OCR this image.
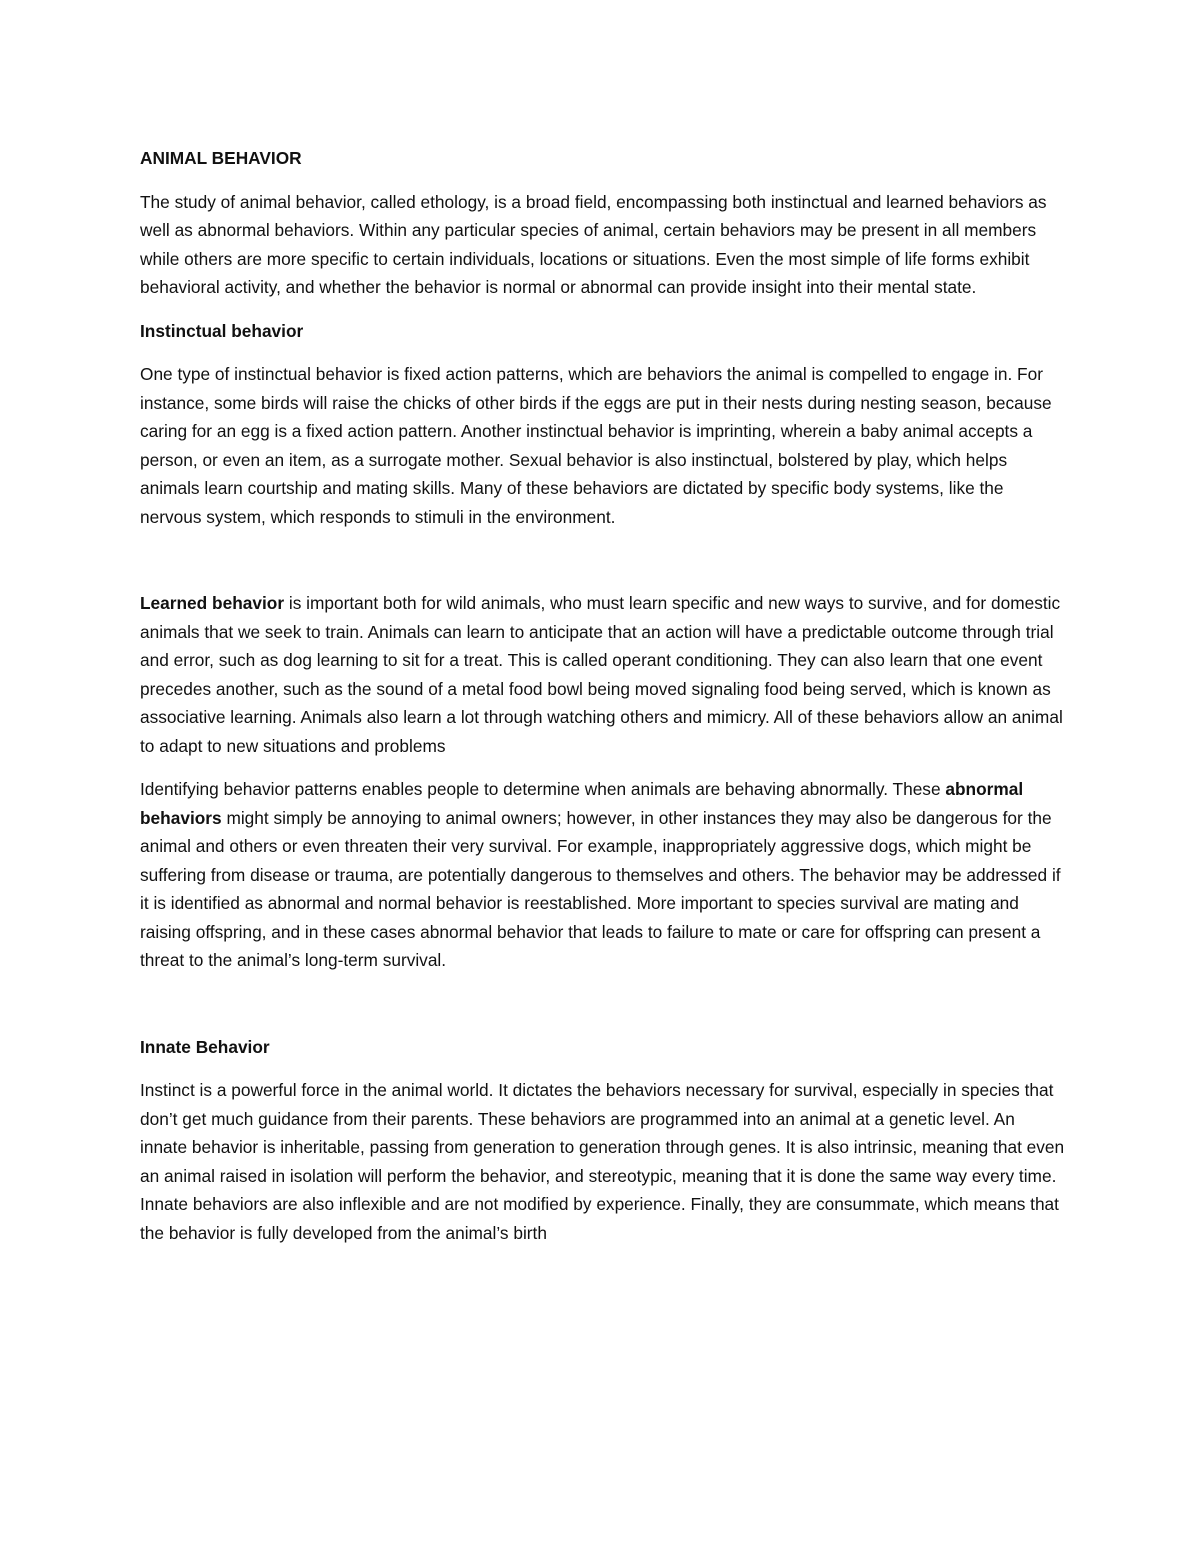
ANIMAL BEHAVIOR

The study of animal behavior, called ethology, is a broad field, encompassing both instinctual and learned behaviors as well as abnormal behaviors. Within any particular species of animal, certain behaviors may be present in all members while others are more specific to certain individuals, locations or situations. Even the most simple of life forms exhibit behavioral activity, and whether the behavior is normal or abnormal can provide insight into their mental state.

Instinctual behavior

One type of instinctual behavior is fixed action patterns, which are behaviors the animal is compelled to engage in. For instance, some birds will raise the chicks of other birds if the eggs are put in their nests during nesting season, because caring for an egg is a fixed action pattern. Another instinctual behavior is imprinting, wherein a baby animal accepts a person, or even an item, as a surrogate mother. Sexual behavior is also instinctual, bolstered by play, which helps animals learn courtship and mating skills. Many of these behaviors are dictated by specific body systems, like the nervous system, which responds to stimuli in the environment.

Learned behavior is important both for wild animals, who must learn specific and new ways to survive, and for domestic animals that we seek to train. Animals can learn to anticipate that an action will have a predictable outcome through trial and error, such as dog learning to sit for a treat. This is called operant conditioning. They can also learn that one event precedes another, such as the sound of a metal food bowl being moved signaling food being served, which is known as associative learning. Animals also learn a lot through watching others and mimicry. All of these behaviors allow an animal to adapt to new situations and problems

Identifying behavior patterns enables people to determine when animals are behaving abnormally. These abnormal behaviors might simply be annoying to animal owners; however, in other instances they may also be dangerous for the animal and others or even threaten their very survival. For example, inappropriately aggressive dogs, which might be suffering from disease or trauma, are potentially dangerous to themselves and others. The behavior may be addressed if it is identified as abnormal and normal behavior is reestablished. More important to species survival are mating and raising offspring, and in these cases abnormal behavior that leads to failure to mate or care for offspring can present a threat to the animal’s long-term survival.

Innate Behavior

Instinct is a powerful force in the animal world. It dictates the behaviors necessary for survival, especially in species that don’t get much guidance from their parents. These behaviors are programmed into an animal at a genetic level. An innate behavior is inheritable, passing from generation to generation through genes. It is also intrinsic, meaning that even an animal raised in isolation will perform the behavior, and stereotypic, meaning that it is done the same way every time. Innate behaviors are also inflexible and are not modified by experience. Finally, they are consummate, which means that the behavior is fully developed from the animal’s birth
